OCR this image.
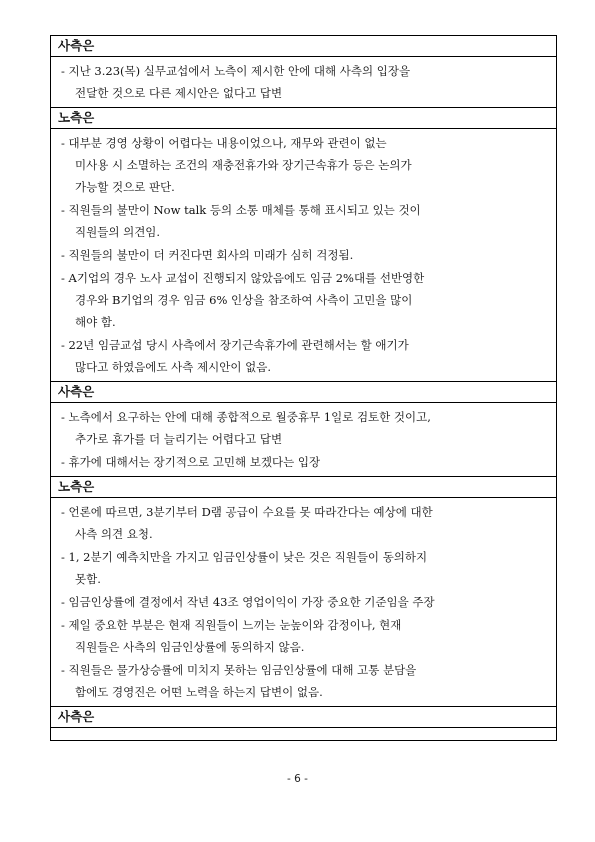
사측은
- 지난 3.23(목) 실무교섭에서 노측이 제시한 안에 대해 사측의 입장을
전달한 것으로 다른 제시안은 없다고 답변
노측은
- 대부분 경영 상황이 어렵다는 내용이었으나, 재무와 관련이 없는
미사용 시 소멸하는 조건의 재충전휴가와 장기근속휴가 등은 논의가
가능할 것으로 판단.
- 직원들의 불만이 Now talk 등의 소통 매체를 통해 표시되고 있는 것이
직원들의 의견임.
- 직원들의 불만이 더 커진다면 회사의 미래가 심히 걱정됨.
- A기업의 경우 노사 교섭이 진행되지 않았음에도 임금 2%대를 선반영한
경우와 B기업의 경우 임금 6% 인상을 참조하여 사측이 고민을 많이
해야 함.
- 22년 임금교섭 당시 사측에서 장기근속휴가에 관련해서는 할 애기가
많다고 하였음에도 사측 제시안이 없음.
사측은
- 노측에서 요구하는 안에 대해 종합적으로 월중휴무 1일로 검토한 것이고,
추가로 휴가를 더 늘리기는 어렵다고 답변
- 휴가에 대해서는 장기적으로 고민해 보겠다는 입장
노측은
- 언론에 따르면, 3분기부터 D램 공급이 수요를 못 따라간다는 예상에 대한
사측 의견 요청.
- 1, 2분기 예측치만을 가지고 임금인상률이 낮은 것은 직원들이 동의하지
못함.
- 임금인상률에 결정에서 작년 43조 영업이익이 가장 중요한 기준임을 주장
- 제일 중요한 부분은 현재 직원들이 느끼는 눈높이와 감정이나, 현재
직원들은 사측의 임금인상률에 동의하지 않음.
- 직원들은 물가상승률에 미치지 못하는 임금인상률에 대해 고통 분담을
함에도 경영진은 어떤 노력을 하는지 답변이 없음.
사측은
- 6 -
